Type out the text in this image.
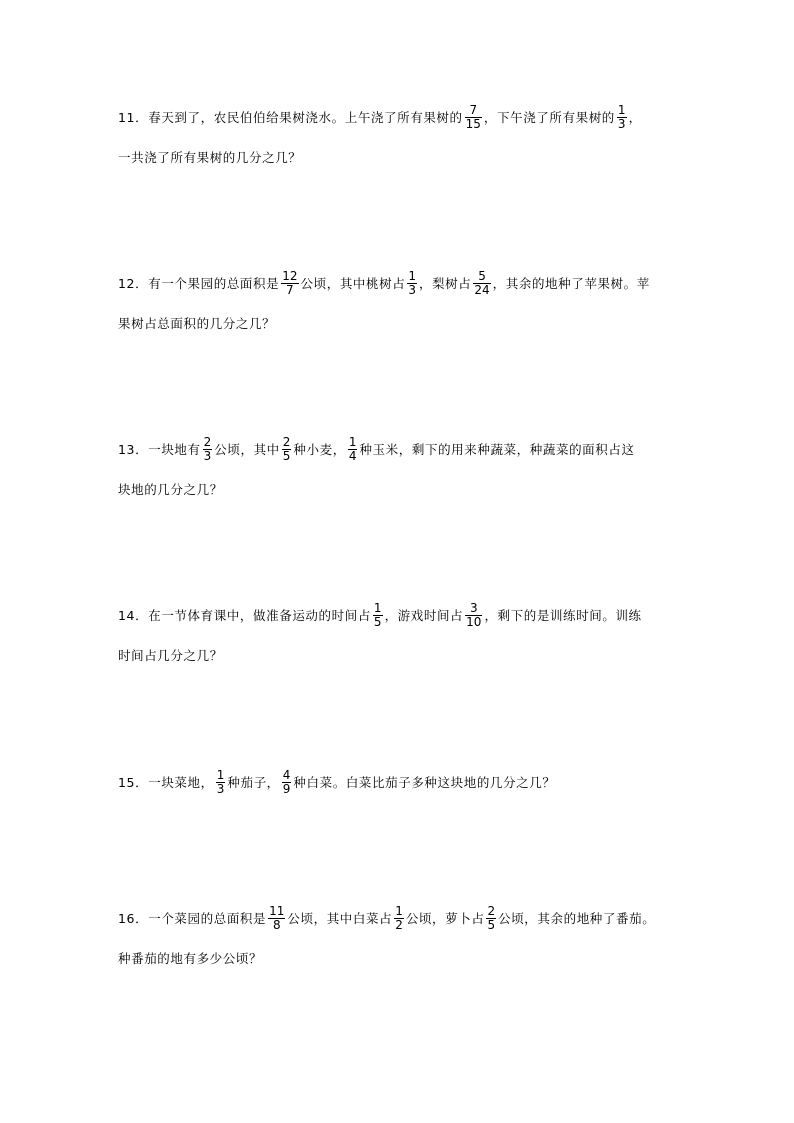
11． 春天到了，农民伯伯给果树浇水。上午浇了所有果树的 $\frac{7}{15}$ ，下午浇了所有果树的 $\frac{1}{3}$ ，
一共浇了所有果树的几分之几？
12． 有一个果园的总面积是 $\frac{12}{7}$ 公顷，其中桃树占 $\frac{1}{3}$ ，梨树占 $\frac{5}{24}$ ，其余的地种了苹果树。苹
果树占总面积的几分之几？
13． 一块地有 $\frac{2}{3}$ 公顷，其中 $\frac{2}{5}$ 种小麦， $\frac{1}{4}$ 种玉米，剩下的用来种蔬菜，种蔬菜的面积占这
块地的几分之几？
14． 在一节体育课中，做准备运动的时间占 $\frac{1}{5}$ ，游戏时间占 $\frac{3}{10}$ ，剩下的是训练时间。训练
时间占几分之几？
15． 一块菜地， $\frac{1}{3}$ 种茄子， $\frac{4}{9}$ 种白菜。白菜比茄子多种这块地的几分之几？
16． 一个菜园的总面积是 $\frac{11}{8}$ 公顷，其中白菜占 $\frac{1}{2}$ 公顷，萝卜占 $\frac{2}{5}$ 公顷，其余的地种了番茄。
种番茄的地有多少公顷？
